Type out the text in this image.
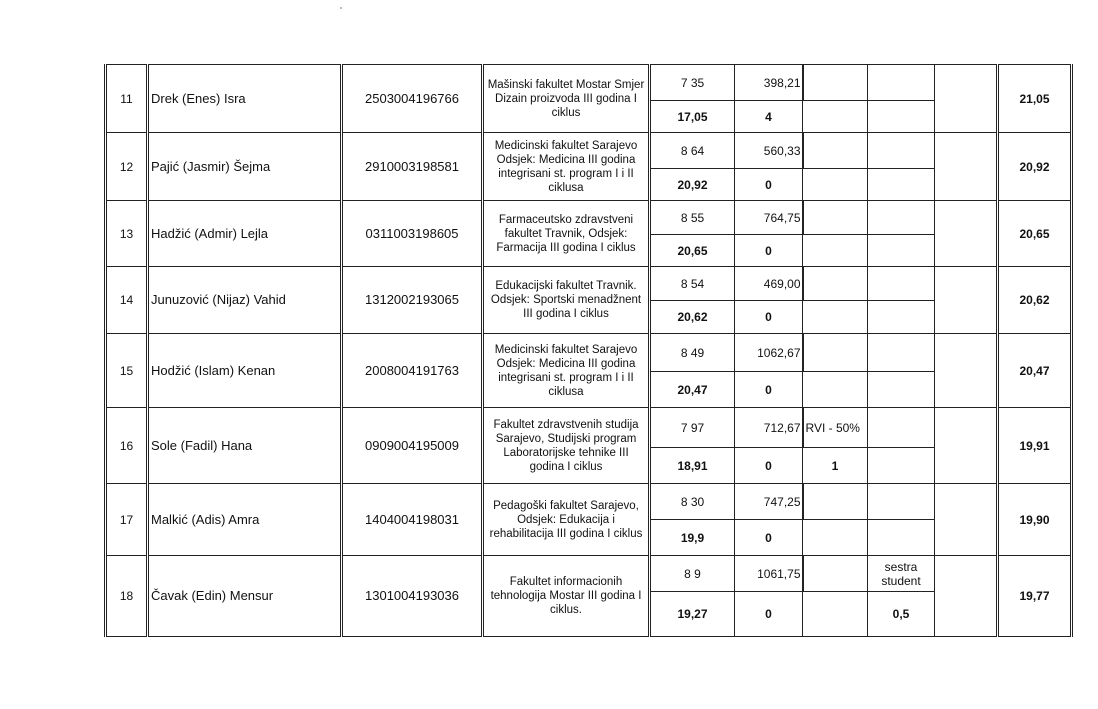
11	Drek (Enes) Isra	2503004196766	Mašinski fakultet Mostar Smjer Dizain proizvoda III godina I ciklus	7 35	398,21				21,05
				17,05	4				
12	Pajić (Jasmir) Šejma	2910003198581	Medicinski fakultet Sarajevo Odsjek: Medicina III godina integrisani st. program I i II ciklusa	8 64	560,33				20,92
				20,92	0				
13	Hadžić (Admir) Lejla	0311003198605	Farmaceutsko zdravstveni fakultet Travnik, Odsjek: Farmacija III godina I ciklus	8 55	764,75				20,65
				20,65	0				
14	Junuzović (Nijaz) Vahid	1312002193065	Edukacijski fakultet Travnik. Odsjek: Sportski menadžnent III godina I ciklus	8 54	469,00				20,62
				20,62	0				
15	Hodžić (Islam) Kenan	2008004191763	Medicinski fakultet Sarajevo Odsjek: Medicina III godina integrisani st. program I i II ciklusa	8 49	1062,67				20,47
				20,47	0				
16	Sole (Fadil) Hana	0909004195009	Fakultet zdravstvenih studija Sarajevo, Studijski program Laboratorijske tehnike III godina I ciklus	7 97	712,67	RVI - 50%			19,91
				18,91	0	1			
17	Malkić (Adis) Amra	1404004198031	Pedagoški fakultet Sarajevo, Odsjek: Edukacija i rehabilitacija III godina I ciklus	8 30	747,25				19,90
				19,9	0				
18	Čavak (Edin) Mensur	1301004193036	Fakultet informacionih tehnologija Mostar III godina I ciklus.	8 9	1061,75		sestra student		19,77
				19,27	0		0,5		
